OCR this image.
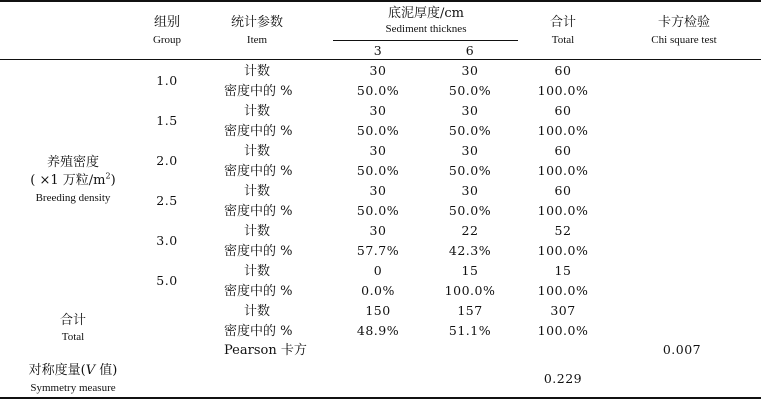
组别
Group
统计参数
Item
底泥厚度/cm
Sediment thicknes
3	6
合计
Total
卡方检验
Chi square test
养殖密度
( ×1 万粒$/m^2$)
Breeding density
合计
Total
对称度量(V 值)
Symmetry measure
Pearson 卡方
1.0
计数
密度中的 %
30
50.0%
30
50.0%
60
100.0%
1.5
计数
密度中的 %
30
50.0%
30
50.0%
60
100.0%
2.0
计数
密度中的 %
30
50.0%
30
50.0%
60
100.0%
2.5
计数
密度中的 %
30
50.0%
30
50.0%
60
100.0%
3.0
计数
密度中的 %
30
57.7%
22
42.3%
52
100.0%
5.0
计数
密度中的 %
0
0.0%
15
100.0%
15
100.0%
计数
密度中的 %
150
48.9%
157
51.1%
307
100.0%
0.007
0.229
